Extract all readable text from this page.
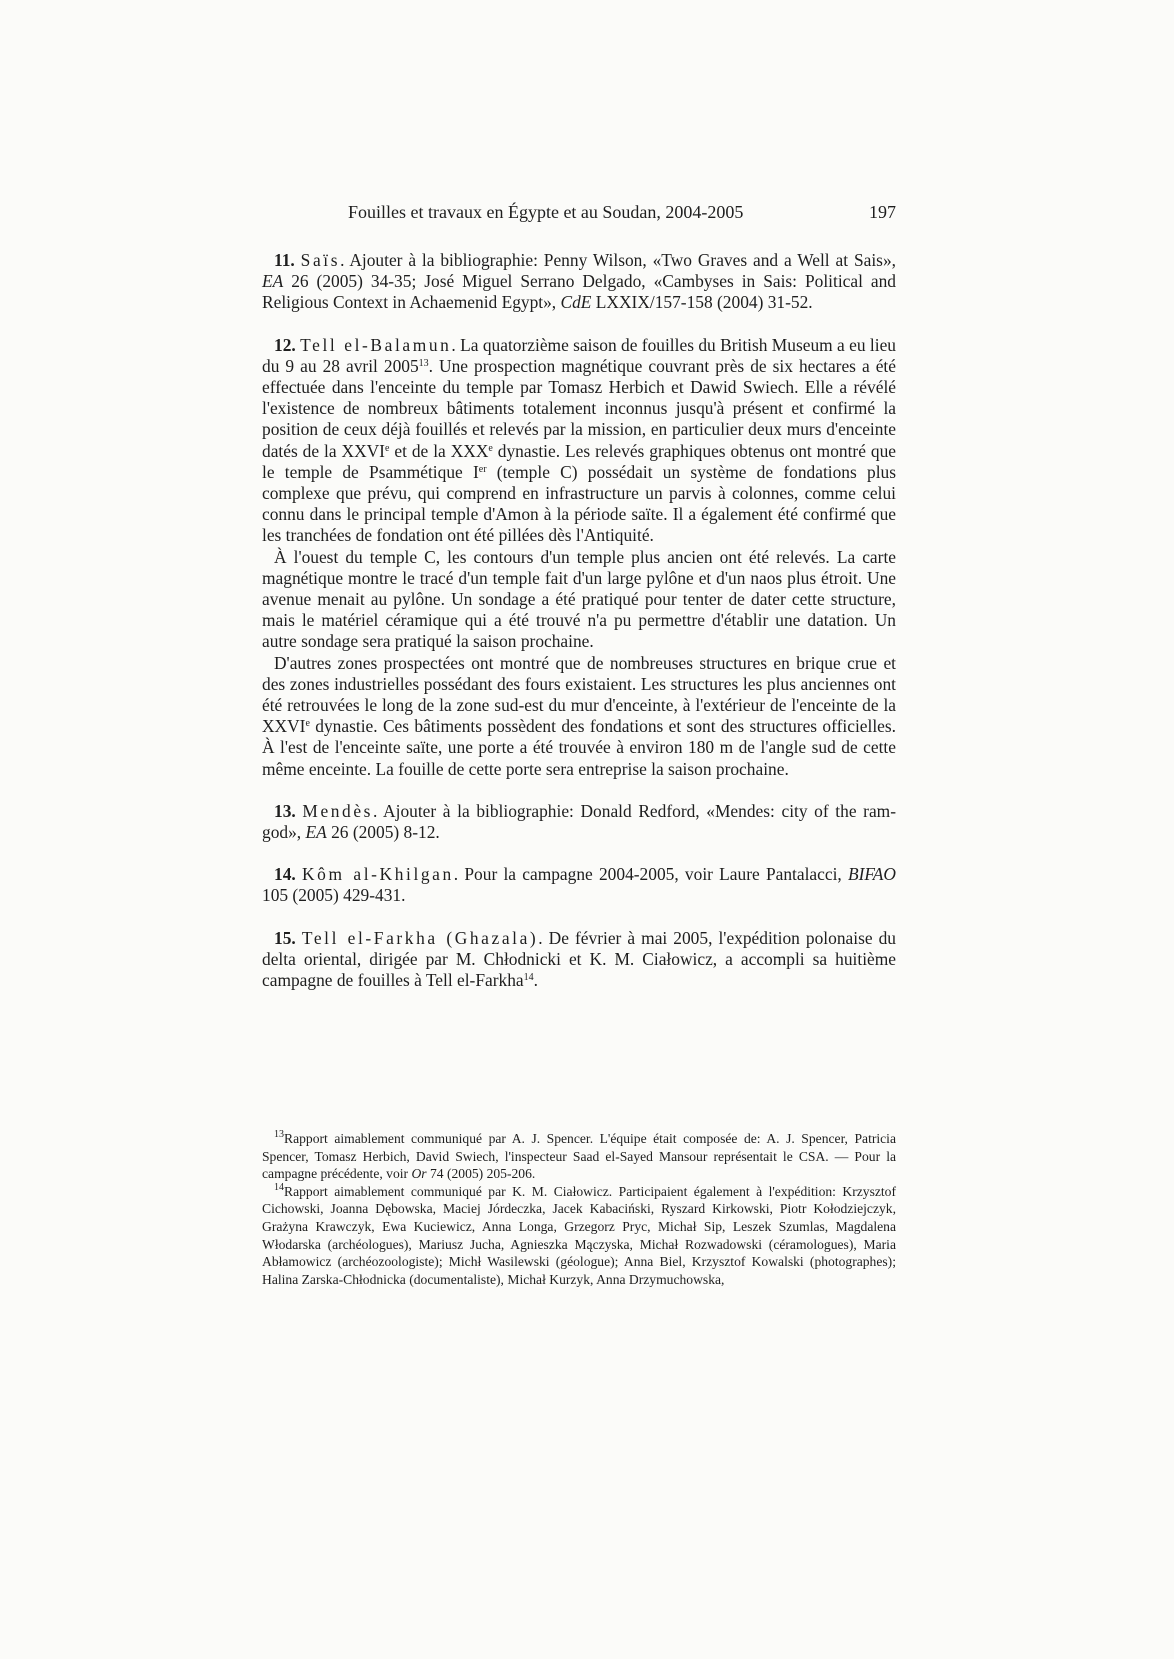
Fouilles et travaux en Égypte et au Soudan, 2004-2005	197

11. Saïs. Ajouter à la bibliographie: Penny Wilson, «Two Graves and a Well at Sais», EA 26 (2005) 34-35; José Miguel Serrano Delgado, «Cambyses in Sais: Political and Religious Context in Achaemenid Egypt», CdE LXXIX/157-158 (2004) 31-52.

12. Tell el-Balamun. La quatorzième saison de fouilles du British Museum a eu lieu du 9 au 28 avril 2005$^{13}$. Une prospection magnétique couvrant près de six hectares a été effectuée dans l'enceinte du temple par Tomasz Herbich et Dawid Swiech. Elle a révélé l'existence de nombreux bâtiments totalement inconnus jusqu'à présent et confirmé la position de ceux déjà fouillés et relevés par la mission, en particulier deux murs d'enceinte datés de la XXVIe et de la XXXe dynastie. Les relevés graphiques obtenus ont montré que le temple de Psammétique Ier (temple C) possédait un système de fondations plus complexe que prévu, qui comprend en infrastructure un parvis à colonnes, comme celui connu dans le principal temple d'Amon à la période saïte. Il a également été confirmé que les tranchées de fondation ont été pillées dès l'Antiquité.

À l'ouest du temple C, les contours d'un temple plus ancien ont été relevés. La carte magnétique montre le tracé d'un temple fait d'un large pylône et d'un naos plus étroit. Une avenue menait au pylône. Un sondage a été pratiqué pour tenter de dater cette structure, mais le matériel céramique qui a été trouvé n'a pu permettre d'établir une datation. Un autre sondage sera pratiqué la saison prochaine.

D'autres zones prospectées ont montré que de nombreuses structures en brique crue et des zones industrielles possédant des fours existaient. Les structures les plus anciennes ont été retrouvées le long de la zone sud-est du mur d'enceinte, à l'extérieur de l'enceinte de la XXVIe dynastie. Ces bâtiments possèdent des fondations et sont des structures officielles. À l'est de l'enceinte saïte, une porte a été trouvée à environ 180 m de l'angle sud de cette même enceinte. La fouille de cette porte sera entreprise la saison prochaine.

13. Mendès. Ajouter à la bibliographie: Donald Redford, «Mendes: city of the ram-god», EA 26 (2005) 8-12.

14. Kôm al-Khilgan. Pour la campagne 2004-2005, voir Laure Pantalacci, BIFAO 105 (2005) 429-431.

15. Tell el-Farkha (Ghazala). De février à mai 2005, l'expédition polonaise du delta oriental, dirigée par M. Chłodnicki et K. M. Ciałowicz, a accompli sa huitième campagne de fouilles à Tell el-Farkha$^{14}$.

$^{13}$Rapport aimablement communiqué par A. J. Spencer. L'équipe était composée de: A. J. Spencer, Patricia Spencer, Tomasz Herbich, David Swiech, l'inspecteur Saad el-Sayed Mansour représentait le CSA. — Pour la campagne précédente, voir Or 74 (2005) 205-206.

$^{14}$Rapport aimablement communiqué par K. M. Ciałowicz. Participaient également à l'expédition: Krzysztof Cichowski, Joanna Dębowska, Maciej Jórdeczka, Jacek Kabaciński, Ryszard Kirkowski, Piotr Kołodziejczyk, Grażyna Krawczyk, Ewa Kuciewicz, Anna Longa, Grzegorz Pryc, Michał Sip, Leszek Szumlas, Magdalena Włodarska (archéologues), Mariusz Jucha, Agnieszka Mączyska, Michał Rozwadowski (céramologues), Maria Abłamowicz (archéozoologiste); Michł Wasilewski (géologue); Anna Biel, Krzysztof Kowalski (photographes); Halina Zarska-Chłodnicka (documentaliste), Michał Kurzyk, Anna Drzymuchowska,
